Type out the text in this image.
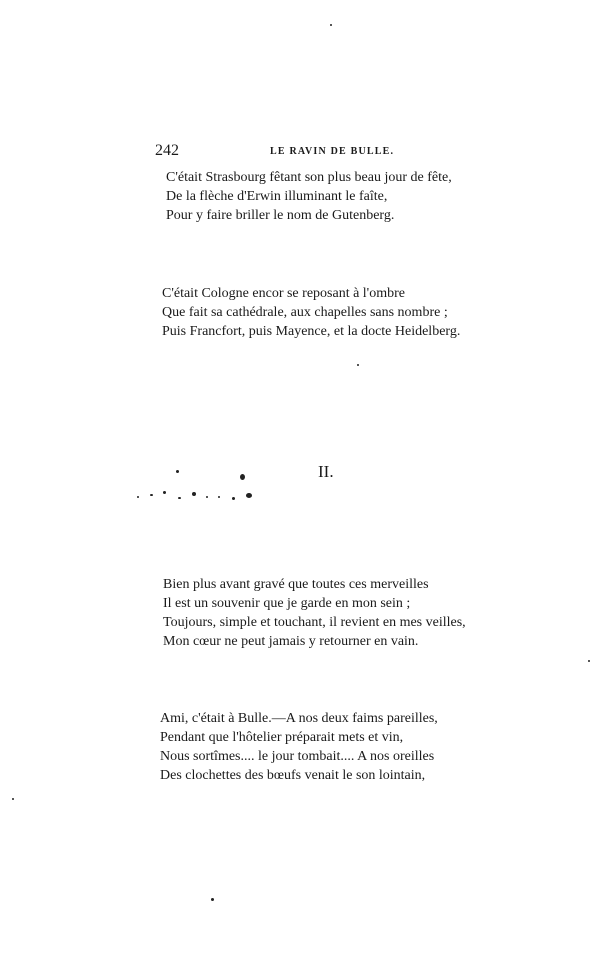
242	LE RAVIN DE BULLE.
C'était Strasbourg fêtant son plus beau jour de fête,
De la flèche d'Erwin illuminant le faîte,
Pour y faire briller le nom de Gutenberg.
C'était Cologne encor se reposant à l'ombre
Que fait sa cathédrale, aux chapelles sans nombre ;
Puis Francfort, puis Mayence, et la docte Heidelberg.
II.
Bien plus avant gravé que toutes ces merveilles
Il est un souvenir que je garde en mon sein ;
Toujours, simple et touchant, il revient en mes veilles,
Mon cœur ne peut jamais y retourner en vain.
Ami, c'était à Bulle.—A nos deux faims pareilles,
Pendant que l'hôtelier préparait mets et vin,
Nous sortîmes.... le jour tombait.... A nos oreilles
Des clochettes des bœufs venait le son lointain,
